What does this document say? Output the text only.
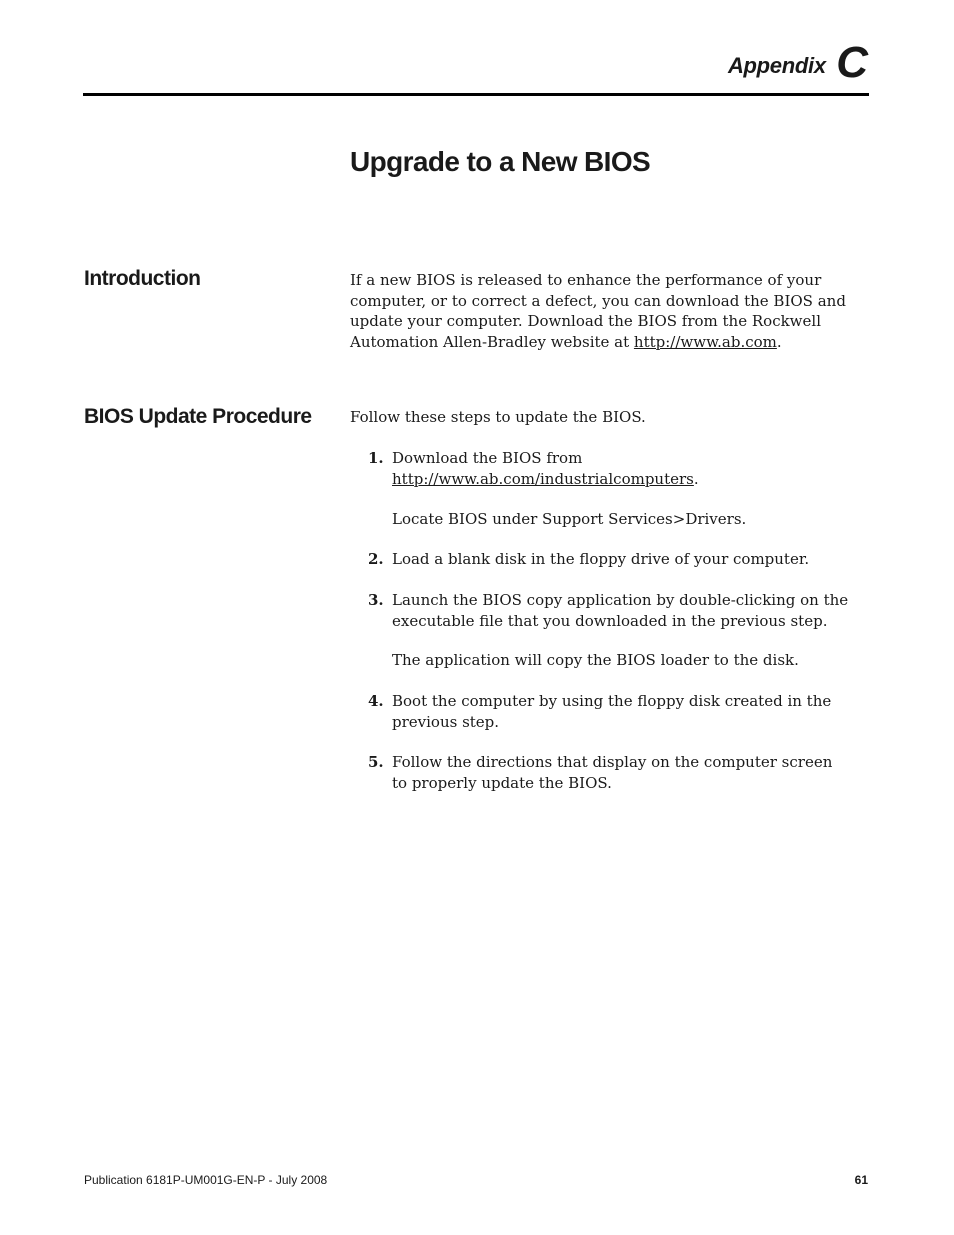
Appendix C
Upgrade to a New BIOS
Introduction	If a new BIOS is released to enhance the performance of your computer, or to correct a defect, you can download the BIOS and update your computer. Download the BIOS from the Rockwell Automation Allen-Bradley website at http://www.ab.com.

BIOS Update Procedure	Follow these steps to update the BIOS.

1. Download the BIOS from
http://www.ab.com/industrialcomputers.

Locate BIOS under Support Services>Drivers.

2. Load a blank disk in the floppy drive of your computer.

3. Launch the BIOS copy application by double-clicking on the executable file that you downloaded in the previous step.

The application will copy the BIOS loader to the disk.

4. Boot the computer by using the floppy disk created in the previous step.

5. Follow the directions that display on the computer screen to properly update the BIOS.

Publication 6181P-UM001G-EN-P - July 2008	61
